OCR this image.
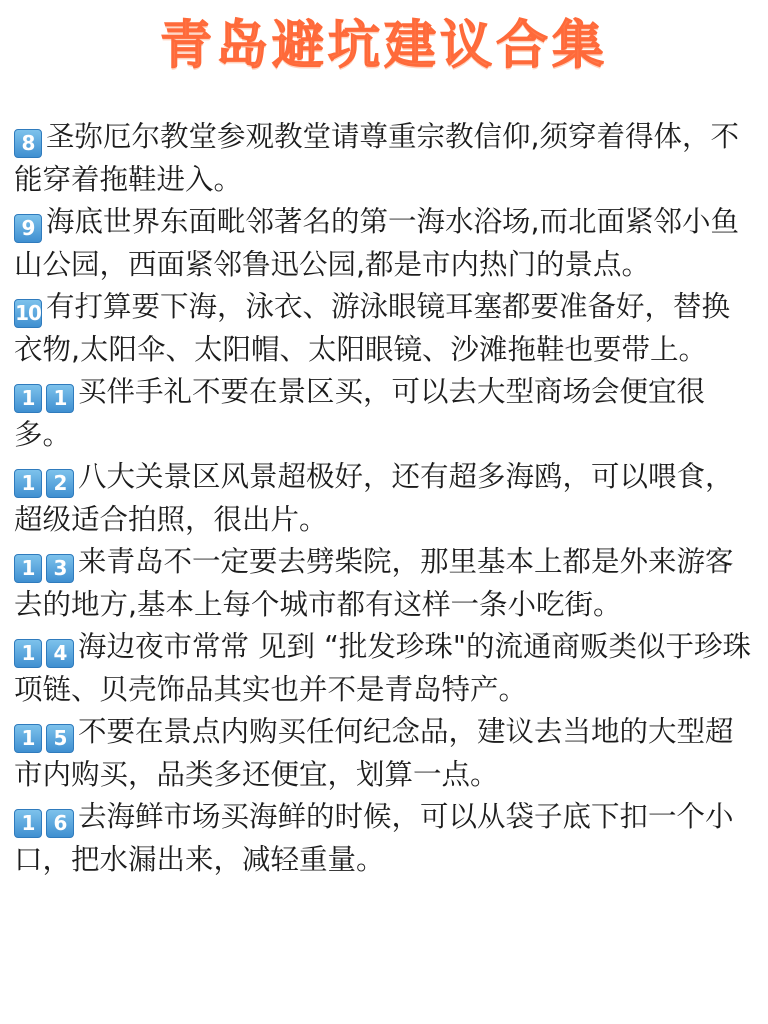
青岛避坑建议合集

8 圣弥厄尔教堂参观教堂请尊重宗教信仰,须穿着得体，不能穿着拖鞋进入。

9 海底世界东面毗邻著名的第一海水浴场,而北面紧邻小鱼山公园，西面紧邻鲁迅公园,都是市内热门的景点。

10 有打算要下海，泳衣、游泳眼镜耳塞都要准备好，替换衣物,太阳伞、太阳帽、太阳眼镜、沙滩拖鞋也要带上。

1 1 买伴手礼不要在景区买，可以去大型商场会便宜很多。

1 2 八大关景区风景超极好，还有超多海鸥，可以喂食，超级适合拍照，很出片。

1 3 来青岛不一定要去劈柴院，那里基本上都是外来游客去的地方,基本上每个城市都有这样一条小吃街。

1 4 海边夜市常常 见到 “批发珍珠"的流通商贩类似于珍珠项链、贝壳饰品其实也并不是青岛特产。

1 5 不要在景点内购买任何纪念品，建议去当地的大型超市内购买，品类多还便宜，划算一点。

1 6 去海鲜市场买海鲜的时候，可以从袋子底下扣一个小口，把水漏出来，减轻重量。
